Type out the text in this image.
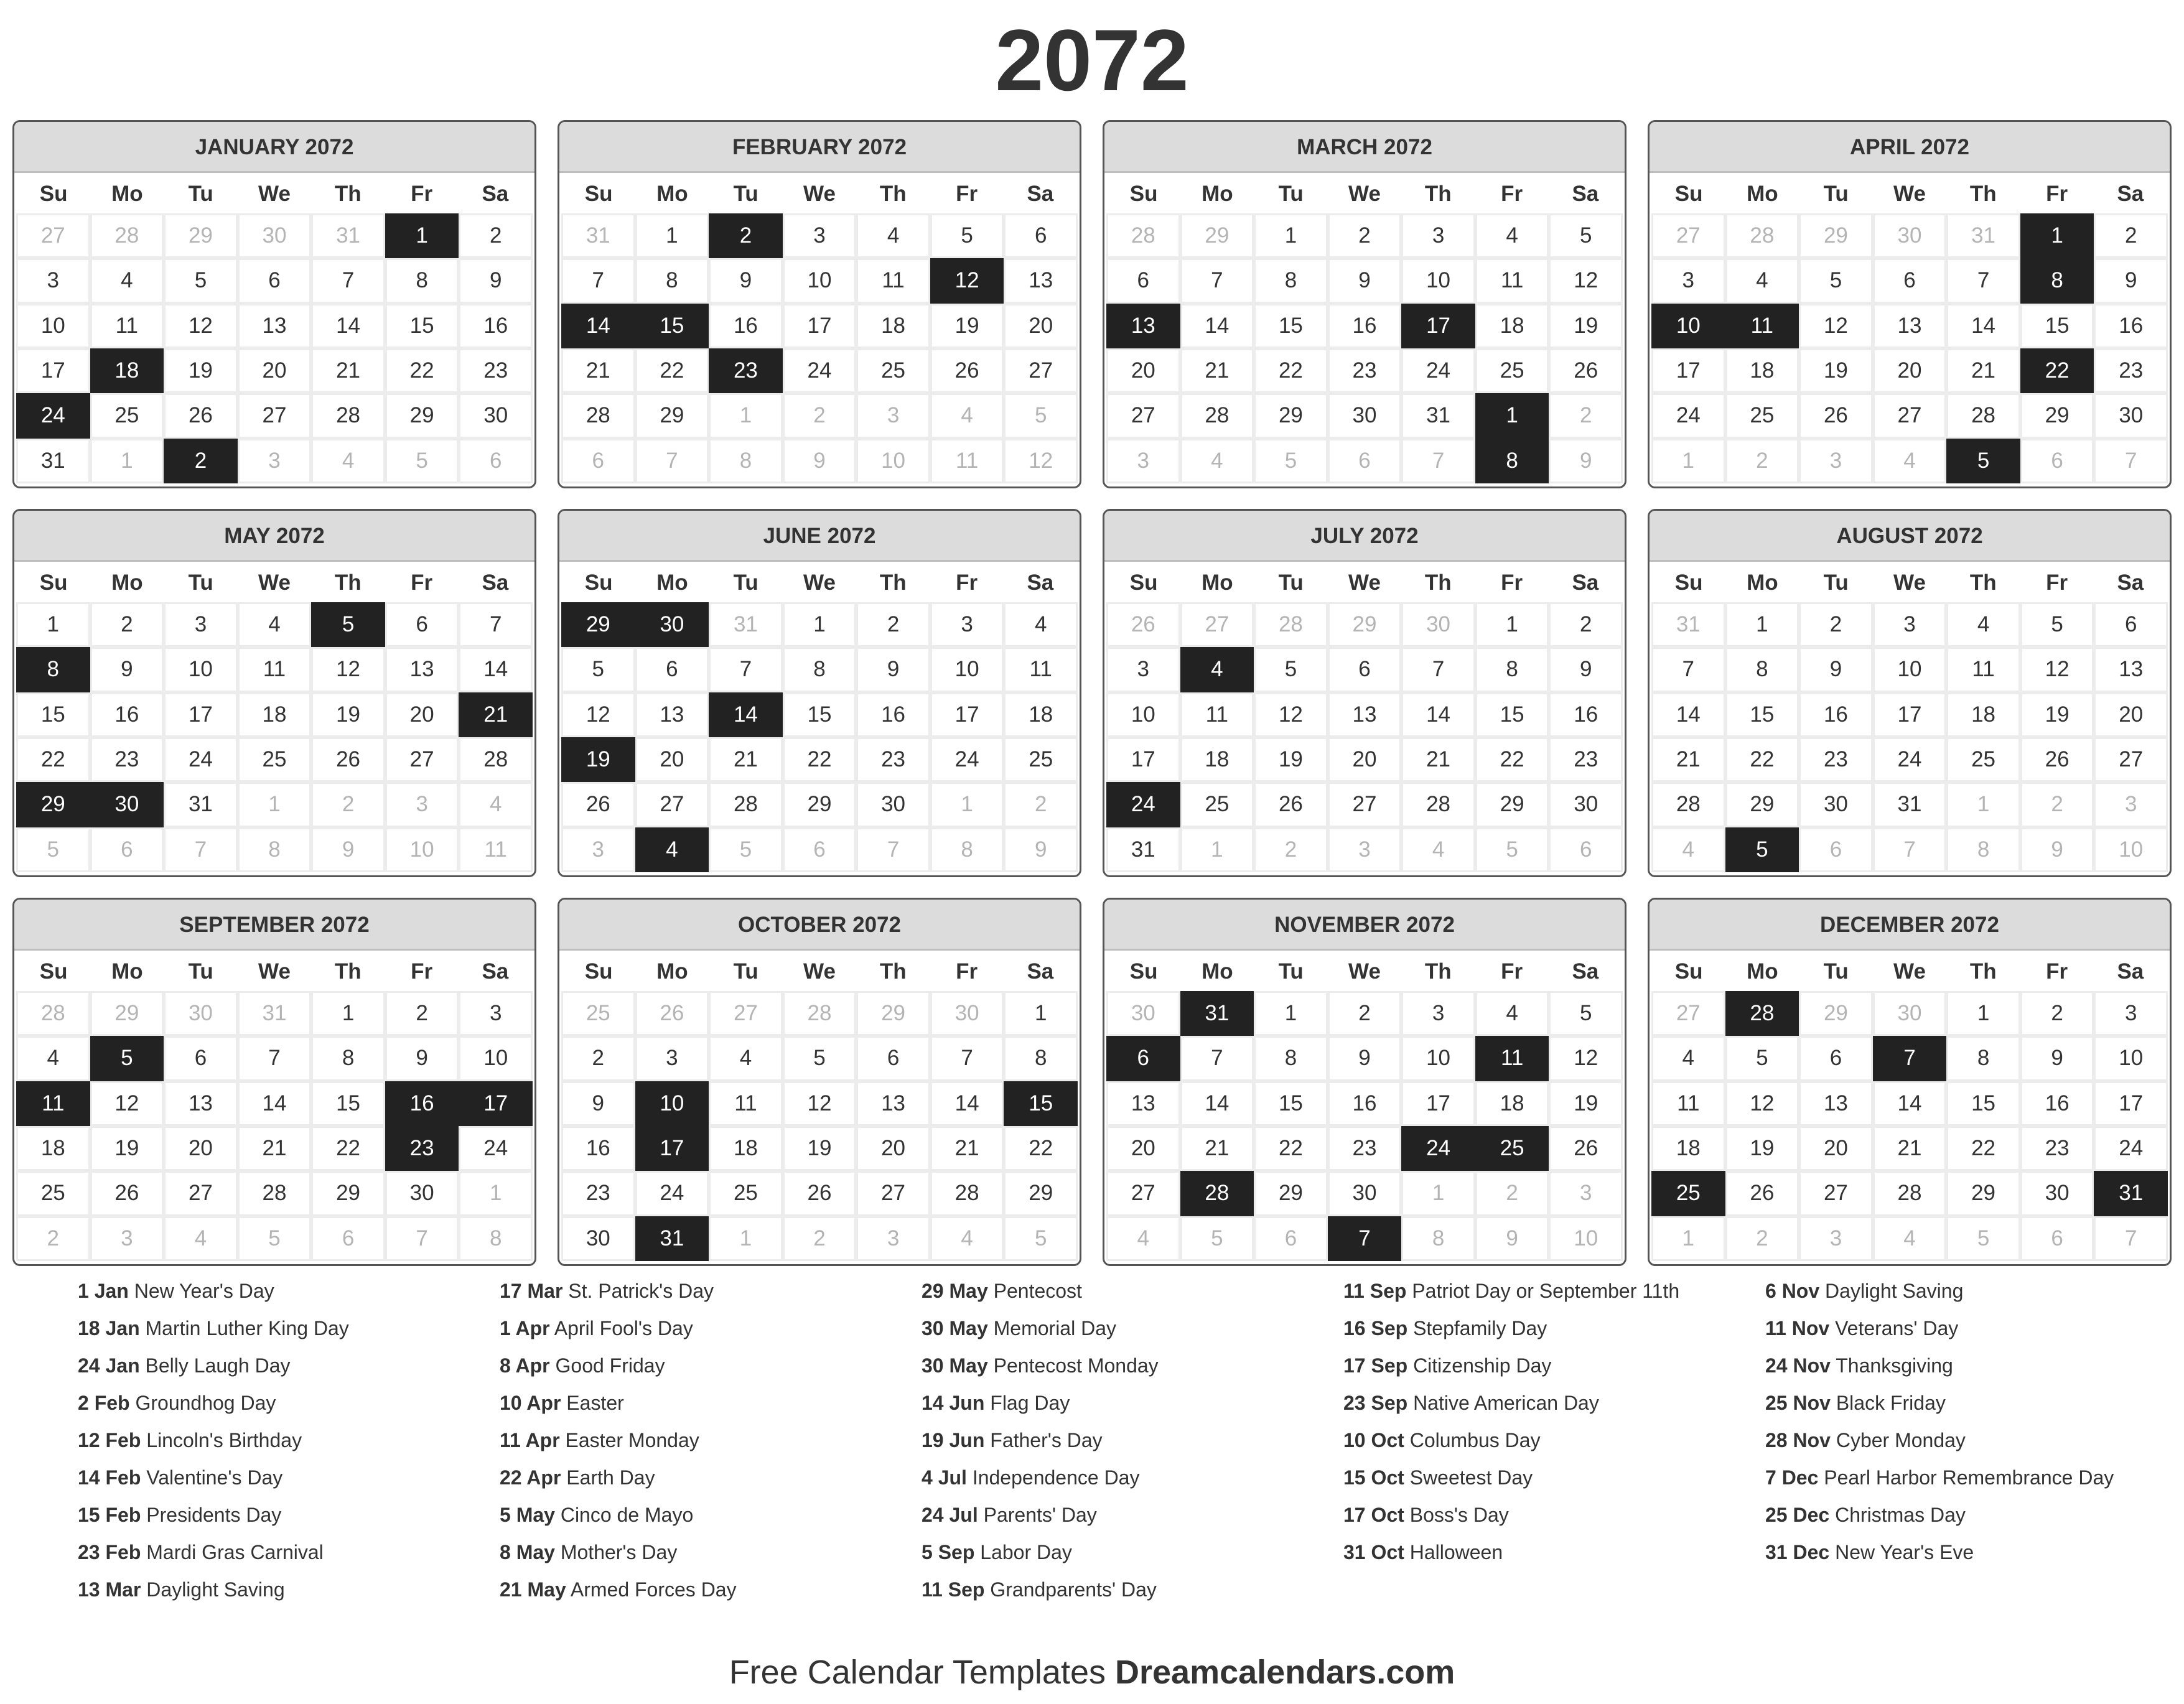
2072
JANUARY 2072
Su	Mo	Tu	We	Th	Fr	Sa
27	28	29	30	31	1	2
3	4	5	6	7	8	9
10	11	12	13	14	15	16
17	18	19	20	21	22	23
24	25	26	27	28	29	30
31	1	2	3	4	5	6
FEBRUARY 2072
Su	Mo	Tu	We	Th	Fr	Sa
31	1	2	3	4	5	6
7	8	9	10	11	12	13
14	15	16	17	18	19	20
21	22	23	24	25	26	27
28	29	1	2	3	4	5
6	7	8	9	10	11	12
MARCH 2072
Su	Mo	Tu	We	Th	Fr	Sa
28	29	1	2	3	4	5
6	7	8	9	10	11	12
13	14	15	16	17	18	19
20	21	22	23	24	25	26
27	28	29	30	31	1	2
3	4	5	6	7	8	9
APRIL 2072
Su	Mo	Tu	We	Th	Fr	Sa
27	28	29	30	31	1	2
3	4	5	6	7	8	9
10	11	12	13	14	15	16
17	18	19	20	21	22	23
24	25	26	27	28	29	30
1	2	3	4	5	6	7
MAY 2072
Su	Mo	Tu	We	Th	Fr	Sa
1	2	3	4	5	6	7
8	9	10	11	12	13	14
15	16	17	18	19	20	21
22	23	24	25	26	27	28
29	30	31	1	2	3	4
5	6	7	8	9	10	11
JUNE 2072
Su	Mo	Tu	We	Th	Fr	Sa
29	30	31	1	2	3	4
5	6	7	8	9	10	11
12	13	14	15	16	17	18
19	20	21	22	23	24	25
26	27	28	29	30	1	2
3	4	5	6	7	8	9
JULY 2072
Su	Mo	Tu	We	Th	Fr	Sa
26	27	28	29	30	1	2
3	4	5	6	7	8	9
10	11	12	13	14	15	16
17	18	19	20	21	22	23
24	25	26	27	28	29	30
31	1	2	3	4	5	6
AUGUST 2072
Su	Mo	Tu	We	Th	Fr	Sa
31	1	2	3	4	5	6
7	8	9	10	11	12	13
14	15	16	17	18	19	20
21	22	23	24	25	26	27
28	29	30	31	1	2	3
4	5	6	7	8	9	10
SEPTEMBER 2072
Su	Mo	Tu	We	Th	Fr	Sa
28	29	30	31	1	2	3
4	5	6	7	8	9	10
11	12	13	14	15	16	17
18	19	20	21	22	23	24
25	26	27	28	29	30	1
2	3	4	5	6	7	8
OCTOBER 2072
Su	Mo	Tu	We	Th	Fr	Sa
25	26	27	28	29	30	1
2	3	4	5	6	7	8
9	10	11	12	13	14	15
16	17	18	19	20	21	22
23	24	25	26	27	28	29
30	31	1	2	3	4	5
NOVEMBER 2072
Su	Mo	Tu	We	Th	Fr	Sa
30	31	1	2	3	4	5
6	7	8	9	10	11	12
13	14	15	16	17	18	19
20	21	22	23	24	25	26
27	28	29	30	1	2	3
4	5	6	7	8	9	10
DECEMBER 2072
Su	Mo	Tu	We	Th	Fr	Sa
27	28	29	30	1	2	3
4	5	6	7	8	9	10
11	12	13	14	15	16	17
18	19	20	21	22	23	24
25	26	27	28	29	30	31
1	2	3	4	5	6	7
1 Jan New Year's Day
18 Jan Martin Luther King Day
24 Jan Belly Laugh Day
2 Feb Groundhog Day
12 Feb Lincoln's Birthday
14 Feb Valentine's Day
15 Feb Presidents Day
23 Feb Mardi Gras Carnival
13 Mar Daylight Saving
17 Mar St. Patrick's Day
1 Apr April Fool's Day
8 Apr Good Friday
10 Apr Easter
11 Apr Easter Monday
22 Apr Earth Day
5 May Cinco de Mayo
8 May Mother's Day
21 May Armed Forces Day
29 May Pentecost
30 May Memorial Day
30 May Pentecost Monday
14 Jun Flag Day
19 Jun Father's Day
4 Jul Independence Day
24 Jul Parents' Day
5 Sep Labor Day
11 Sep Grandparents' Day
11 Sep Patriot Day or September 11th
16 Sep Stepfamily Day
17 Sep Citizenship Day
23 Sep Native American Day
10 Oct Columbus Day
15 Oct Sweetest Day
17 Oct Boss's Day
31 Oct Halloween
6 Nov Daylight Saving
11 Nov Veterans' Day
24 Nov Thanksgiving
25 Nov Black Friday
28 Nov Cyber Monday
7 Dec Pearl Harbor Remembrance Day
25 Dec Christmas Day
31 Dec New Year's Eve
Free Calendar Templates Dreamcalendars.com
